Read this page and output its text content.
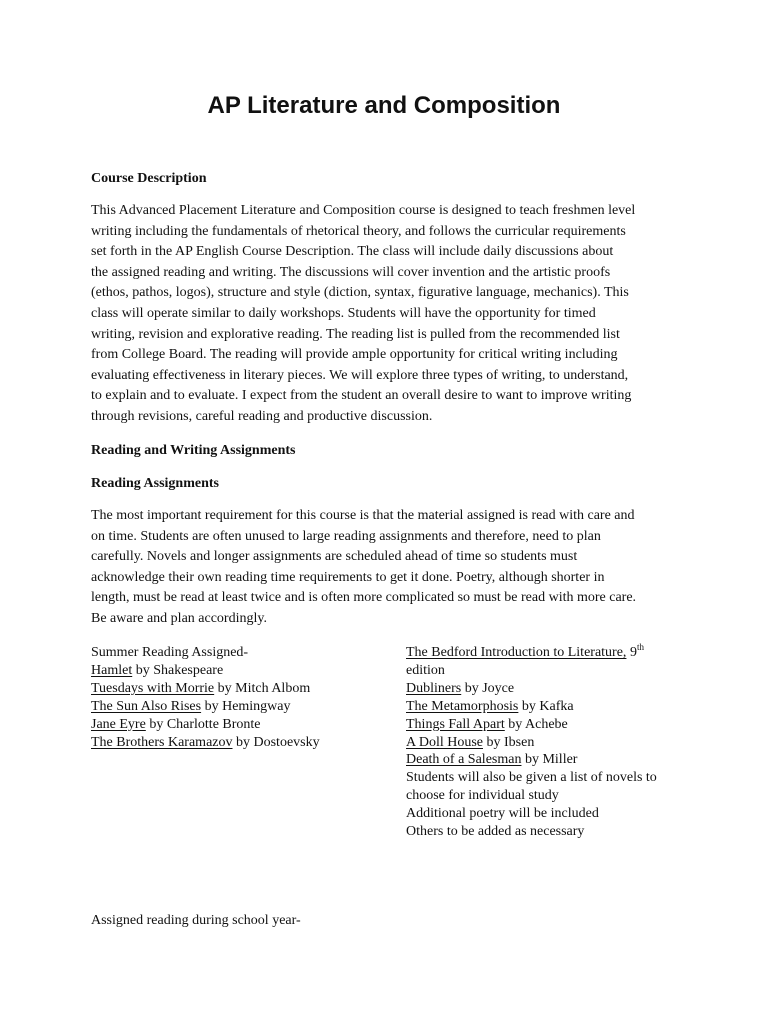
AP Literature and Composition
Course Description
This Advanced Placement Literature and Composition course is designed to teach freshmen level
writing including the fundamentals of rhetorical theory, and follows the curricular requirements
set forth in the AP English Course Description. The class will include daily discussions about
the assigned reading and writing. The discussions will cover invention and the artistic proofs
(ethos, pathos, logos), structure and style (diction, syntax, figurative language, mechanics). This
class will operate similar to daily workshops. Students will have the opportunity for timed
writing, revision and explorative reading. The reading list is pulled from the recommended list
from College Board. The reading will provide ample opportunity for critical writing including
evaluating effectiveness in literary pieces. We will explore three types of writing, to understand,
to explain and to evaluate. I expect from the student an overall desire to want to improve writing
through revisions, careful reading and productive discussion.
Reading and Writing Assignments
Reading Assignments
The most important requirement for this course is that the material assigned is read with care and
on time. Students are often unused to large reading assignments and therefore, need to plan
carefully. Novels and longer assignments are scheduled ahead of time so students must
acknowledge their own reading time requirements to get it done. Poetry, although shorter in
length, must be read at least twice and is often more complicated so must be read with more care.
Be aware and plan accordingly.
Summer Reading Assigned-
Hamlet by Shakespeare
Tuesdays with Morrie by Mitch Albom
The Sun Also Rises by Hemingway
Jane Eyre by Charlotte Bronte
The Brothers Karamazov by Dostoevsky
The Bedford Introduction to Literature, 9th
edition
Dubliners by Joyce
The Metamorphosis by Kafka
Things Fall Apart by Achebe
A Doll House by Ibsen
Death of a Salesman by Miller
Students will also be given a list of novels to
choose for individual study
Additional poetry will be included
Others to be added as necessary
Assigned reading during school year-
